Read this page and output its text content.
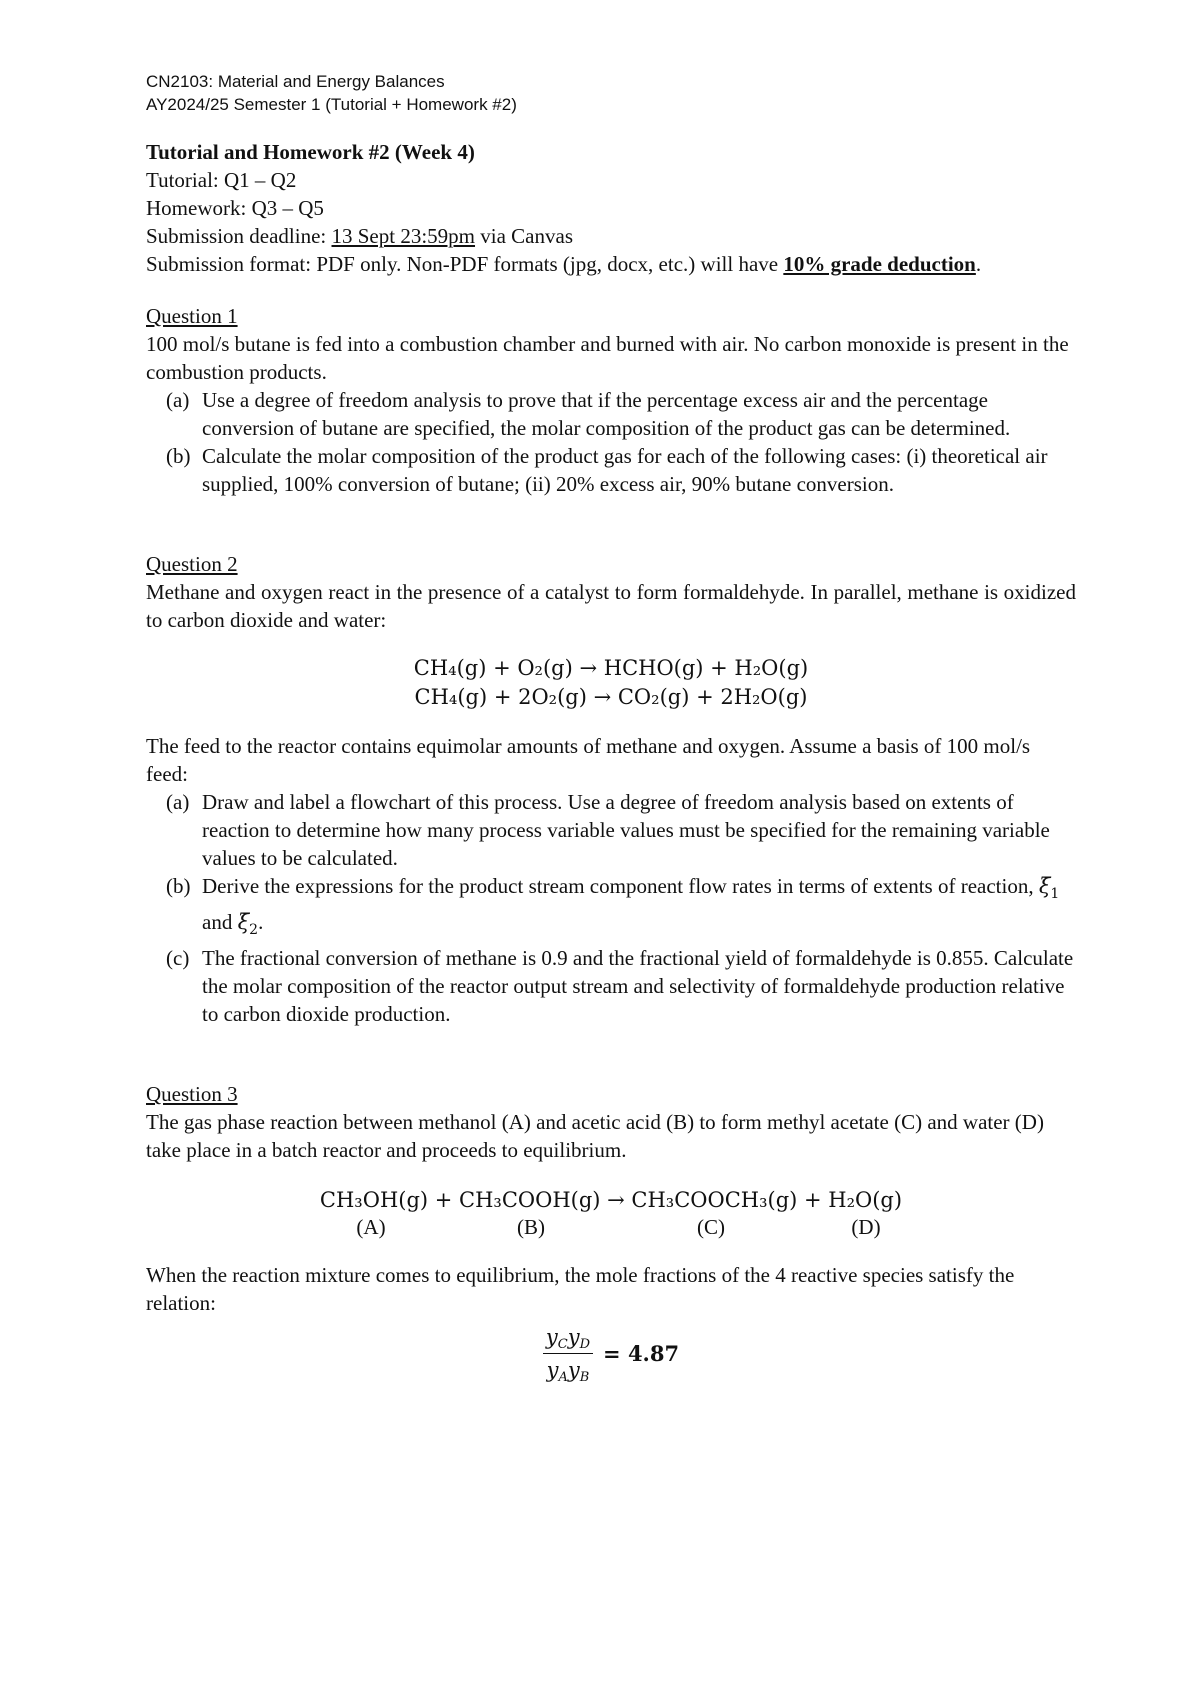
CN2103: Material and Energy Balances

AY2024/25 Semester 1 (Tutorial + Homework #2)

Tutorial and Homework #2 (Week 4)

Tutorial: Q1 – Q2

Homework: Q3 – Q5

Submission deadline: 13 Sept 23:59pm via Canvas

Submission format: PDF only. Non-PDF formats (jpg, docx, etc.) will have 10% grade deduction.

Question 1

100 mol/s butane is fed into a combustion chamber and burned with air. No carbon monoxide is present in the combustion products.

(a) Use a degree of freedom analysis to prove that if the percentage excess air and the percentage conversion of butane are specified, the molar composition of the product gas can be determined.
(b) Calculate the molar composition of the product gas for each of the following cases: (i) theoretical air supplied, 100% conversion of butane; (ii) 20% excess air, 90% butane conversion.

Question 2

Methane and oxygen react in the presence of a catalyst to form formaldehyde. In parallel, methane is oxidized to carbon dioxide and water:

CH₄(g) + O₂(g) → HCHO(g) + H₂O(g)
CH₄(g) + 2O₂(g) → CO₂(g) + 2H₂O(g)

The feed to the reactor contains equimolar amounts of methane and oxygen. Assume a basis of 100 mol/s feed:

(a) Draw and label a flowchart of this process. Use a degree of freedom analysis based on extents of reaction to determine how many process variable values must be specified for the remaining variable values to be calculated.
(b) Derive the expressions for the product stream component flow rates in terms of extents of reaction, $\xi̇_1$ and $\xi̇_2$.
(c) The fractional conversion of methane is 0.9 and the fractional yield of formaldehyde is 0.855. Calculate the molar composition of the reactor output stream and selectivity of formaldehyde production relative to carbon dioxide production.

Question 3

The gas phase reaction between methanol (A) and acetic acid (B) to form methyl acetate (C) and water (D) take place in a batch reactor and proceeds to equilibrium.

CH₃OH(g) + CH₃COOH(g) → CH₃COOCH₃(g) + H₂O(g)
(A)	(B)	(C)	(D)

When the reaction mixture comes to equilibrium, the mole fractions of the 4 reactive species satisfy the relation:

$\frac{y_Cy_D}{y_Ay_B} = 4.87$
